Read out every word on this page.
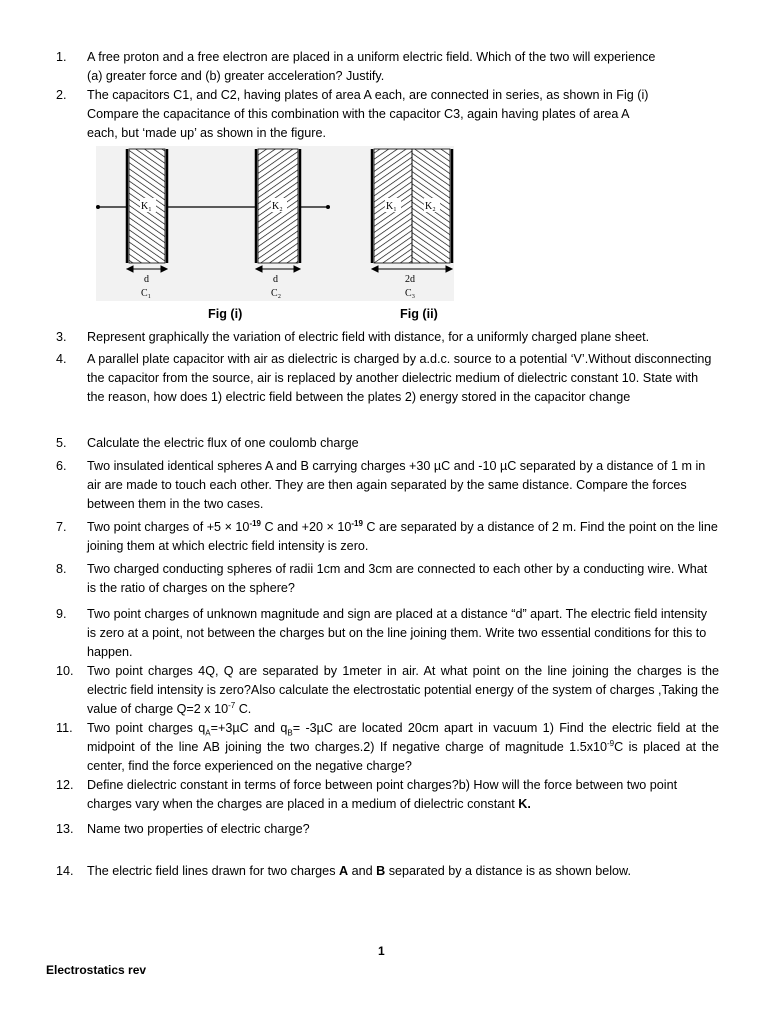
1.	A free proton and a free electron are placed in a uniform electric field. Which of the two will experience
(a) greater force and (b) greater acceleration? Justify.
2.	The capacitors C1, and C2, having plates of area A each, are connected in series, as shown in Fig (i)
Compare the capacitance of this combination with the capacitor C3, again having plates of area A
each, but ‘made up’ as shown in the figure.
K₁	K₂	K₁	K₂
d	d	2d
C₁	C₂	C₃
Fig (i)	Fig (ii)
3.	Represent graphically the variation of electric field with distance, for a uniformly charged plane sheet.
4.	A parallel plate capacitor with air as dielectric is charged by a.d.c. source to a potential ‘V’.Without disconnecting the capacitor from the source, air is replaced by another dielectric medium of dielectric constant 10. State with the reason, how does 1) electric field between the plates 2) energy stored in the capacitor change
5.	Calculate the electric flux of one coulomb charge
6.	Two insulated identical spheres A and B carrying charges +30 µC and -10 µC separated by a distance of 1 m in air are made to touch each other. They are then again separated by the same distance. Compare the forces between them in the two cases.
7.	Two point charges of $+5 \times 10^{-19}$ C and $+20 \times 10^{-19}$ C are separated by a distance of 2 m. Find the point on the line joining them at which electric field intensity is zero.
8.	Two charged conducting spheres of radii 1cm and 3cm are connected to each other by a conducting wire. What is the ratio of charges on the sphere?
9.	Two point charges of unknown magnitude and sign are placed at a distance “d” apart. The electric field intensity is zero at a point, not between the charges but on the line joining them. Write two essential conditions for this to happen.
10.	Two point charges 4Q, Q are separated by 1meter in air. At what point on the line joining the charges is the electric field intensity is zero?Also calculate the electrostatic potential energy of the system of charges ,Taking the value of charge Q=2 x $10^{-7}$ C.
11.	Two point charges $q_A=+3\mu C$ and $q_B= -3\mu C$ are located 20cm apart in vacuum 1) Find the electric field at the midpoint of the line AB joining the two charges.2) If negative charge of magnitude $1.5x10^{-9}C$ is placed at the center, find the force experienced on the negative charge?
12.	Define dielectric constant in terms of force between point charges?b) How will the force between two point charges vary when the charges are placed in a medium of dielectric constant K.
13.	Name two properties of electric charge?
14.	The electric field lines drawn for two charges A and B separated by a distance is as shown below.
1
Electrostatics rev
